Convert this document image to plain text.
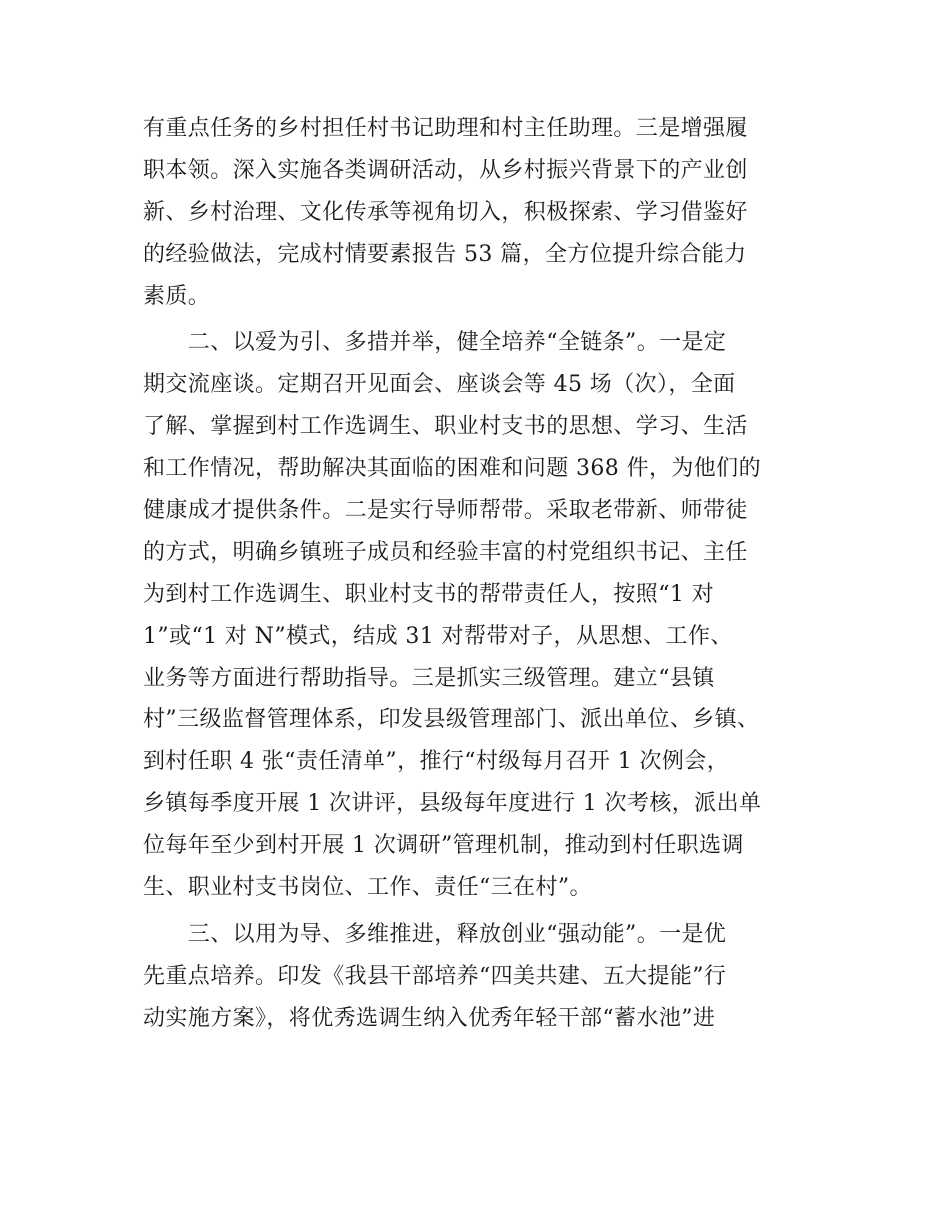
有重点任务的乡村担任村书记助理和村主任助理。三是增强履
职本领。深入实施各类调研活动，从乡村振兴背景下的产业创
新、乡村治理、文化传承等视角切入，积极探索、学习借鉴好
的经验做法，完成村情要素报告 53 篇，全方位提升综合能力
素质。
　　二、以爱为引、多措并举，健全培养“全链条”。一是定
期交流座谈。定期召开见面会、座谈会等 45 场（次），全面
了解、掌握到村工作选调生、职业村支书的思想、学习、生活
和工作情况，帮助解决其面临的困难和问题 368 件，为他们的
健康成才提供条件。二是实行导师帮带。采取老带新、师带徒
的方式，明确乡镇班子成员和经验丰富的村党组织书记、主任
为到村工作选调生、职业村支书的帮带责任人，按照“1 对
1”或“1 对 N”模式，结成 31 对帮带对子，从思想、工作、
业务等方面进行帮助指导。三是抓实三级管理。建立“县镇
村”三级监督管理体系，印发县级管理部门、派出单位、乡镇、
到村任职 4 张“责任清单”，推行“村级每月召开 1 次例会，
乡镇每季度开展 1 次讲评，县级每年度进行 1 次考核，派出单
位每年至少到村开展 1 次调研”管理机制，推动到村任职选调
生、职业村支书岗位、工作、责任“三在村”。
　　三、以用为导、多维推进，释放创业“强动能”。一是优
先重点培养。印发《我县干部培养“四美共建、五大提能”行
动实施方案》，将优秀选调生纳入优秀年轻干部“蓄水池”进
